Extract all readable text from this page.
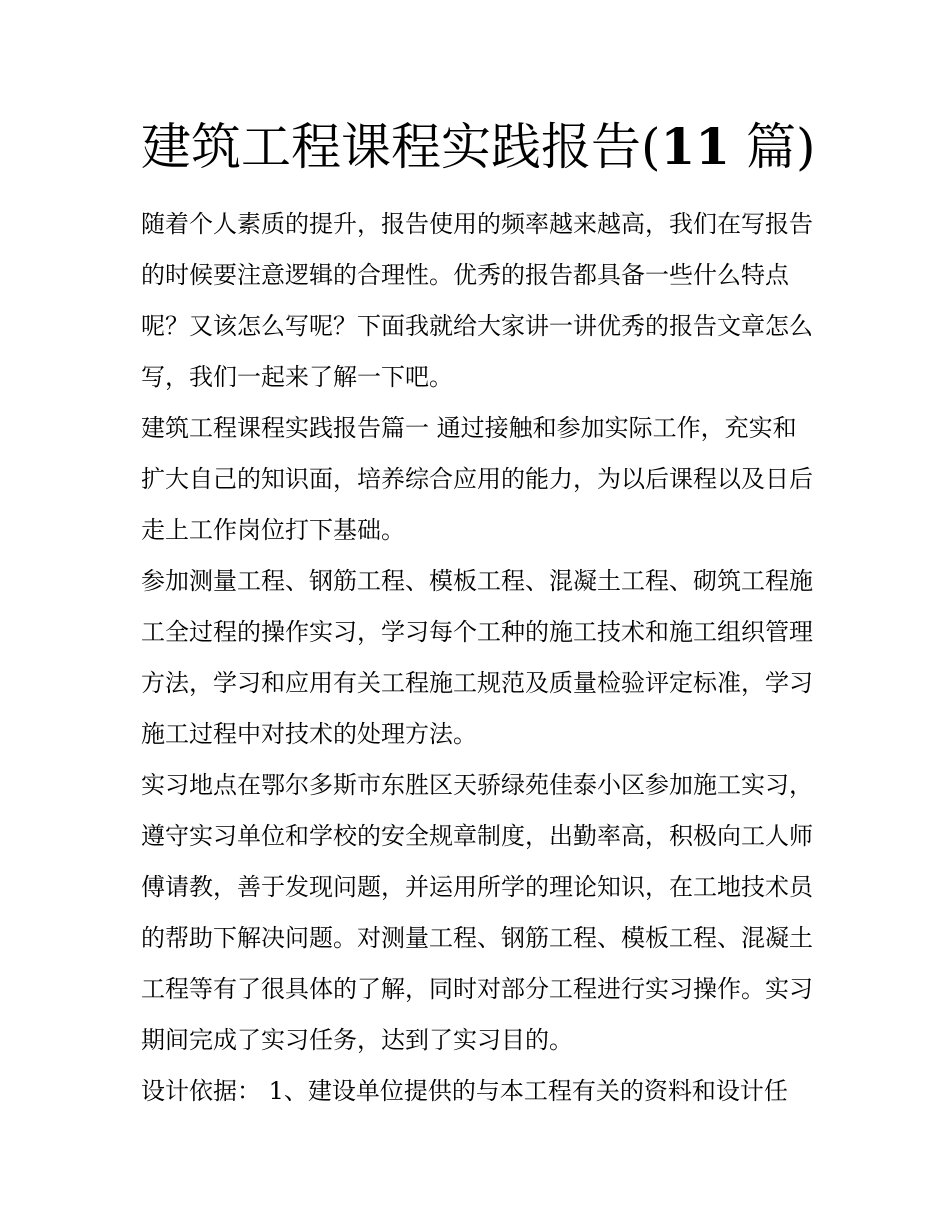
建筑工程课程实践报告(11 篇)

随着个人素质的提升，报告使用的频率越来越高，我们在写报告的时候要注意逻辑的合理性。优秀的报告都具备一些什么特点呢？又该怎么写呢？下面我就给大家讲一讲优秀的报告文章怎么写，我们一起来了解一下吧。

建筑工程课程实践报告篇一 通过接触和参加实际工作，充实和扩大自己的知识面，培养综合应用的能力，为以后课程以及日后走上工作岗位打下基础。

参加测量工程、钢筋工程、模板工程、混凝土工程、砌筑工程施工全过程的操作实习，学习每个工种的施工技术和施工组织管理方法，学习和应用有关工程施工规范及质量检验评定标准，学习施工过程中对技术的处理方法。

实习地点在鄂尔多斯市东胜区天骄绿苑佳泰小区参加施工实习，遵守实习单位和学校的安全规章制度，出勤率高，积极向工人师傅请教，善于发现问题，并运用所学的理论知识，在工地技术员的帮助下解决问题。对测量工程、钢筋工程、模板工程、混凝土工程等有了很具体的了解，同时对部分工程进行实习操作。实习期间完成了实习任务，达到了实习目的。

设计依据： 1、建设单位提供的与本工程有关的资料和设计任
